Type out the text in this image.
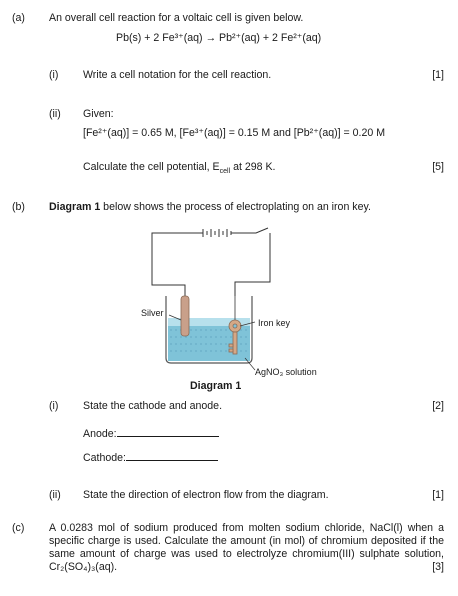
(a) An overall cell reaction for a voltaic cell is given below.
Pb(s) + 2 Fe³⁺(aq) → Pb²⁺(aq) + 2 Fe²⁺(aq)
(i) Write a cell notation for the cell reaction.	[1]
(ii) Given:
[Fe²⁺(aq)] = 0.65 M, [Fe³⁺(aq)] = 0.15 M and [Pb²⁺(aq)] = 0.20 M
Calculate the cell potential, $E_{cell}$ at 298 K.	[5]
(b) Diagram 1 below shows the process of electroplating on an iron key.
Silver
Iron key
AgNO₃ solution
Diagram 1
(i) State the cathode and anode.	[2]
Anode:
Cathode:
(ii) State the direction of electron flow from the diagram.	[1]
(c) A 0.0283 mol of sodium produced from molten sodium chloride, NaCl(l) when a specific charge is used. Calculate the amount (in mol) of chromium deposited if the same amount of charge was used to electrolyze chromium(III) sulphate solution, Cr₂(SO₄)₃(aq).	[3]
